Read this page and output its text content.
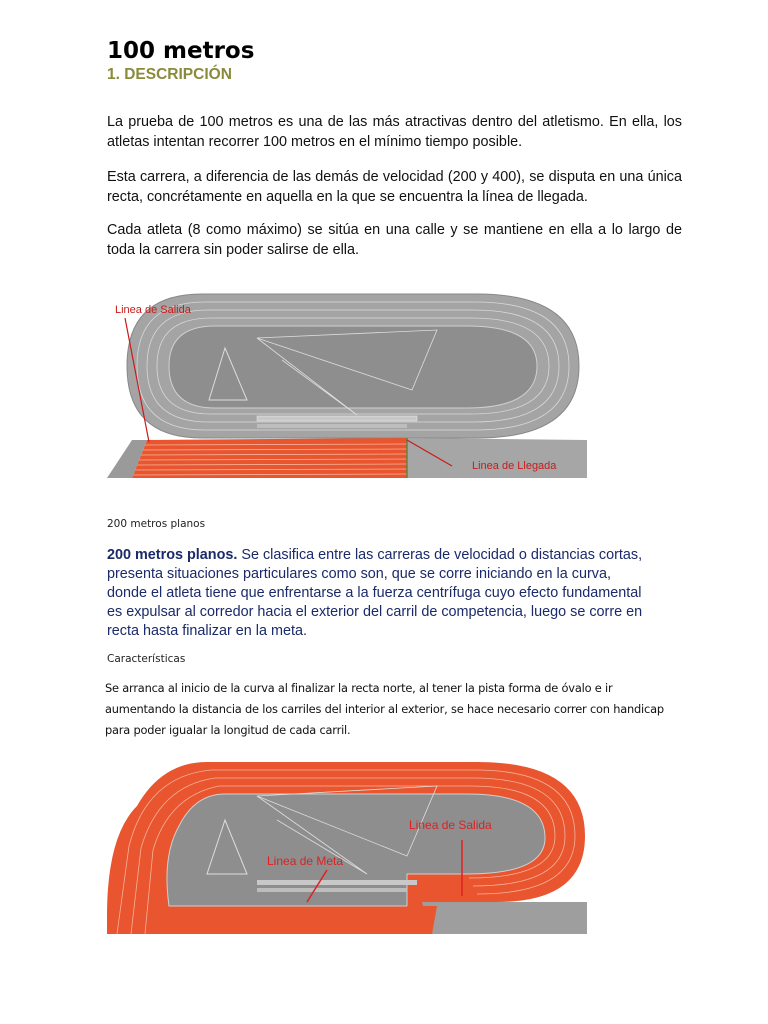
100 metros
1. DESCRIPCIÓN

La prueba de 100 metros es una de las más atractivas dentro del atletismo. En ella, los atletas intentan recorrer 100 metros en el mínimo tiempo posible.

Esta carrera, a diferencia de las demás de velocidad (200 y 400), se disputa en una única recta, concrétamente en aquella en la que se encuentra la línea de llegada.

Cada atleta (8 como máximo) se sitúa en una calle y se mantiene en ella a lo largo de toda la carrera sin poder salirse de ella.

200 metros planos

200 metros planos. Se clasifica entre las carreras de velocidad o distancias cortas, presenta situaciones particulares como son, que se corre iniciando en la curva, donde el atleta tiene que enfrentarse a la fuerza centrífuga cuyo efecto fundamental es expulsar al corredor hacia el exterior del carril de competencia, luego se corre en recta hasta finalizar en la meta.

Características

Se arranca al inicio de la curva al finalizar la recta norte, al tener la pista forma de óvalo e ir aumentando la distancia de los carriles del interior al exterior, se hace necesario correr con handicap para poder igualar la longitud de cada carril.

Linea de Salida
Linea de Llegada
Linea de Salida
Linea de Meta
